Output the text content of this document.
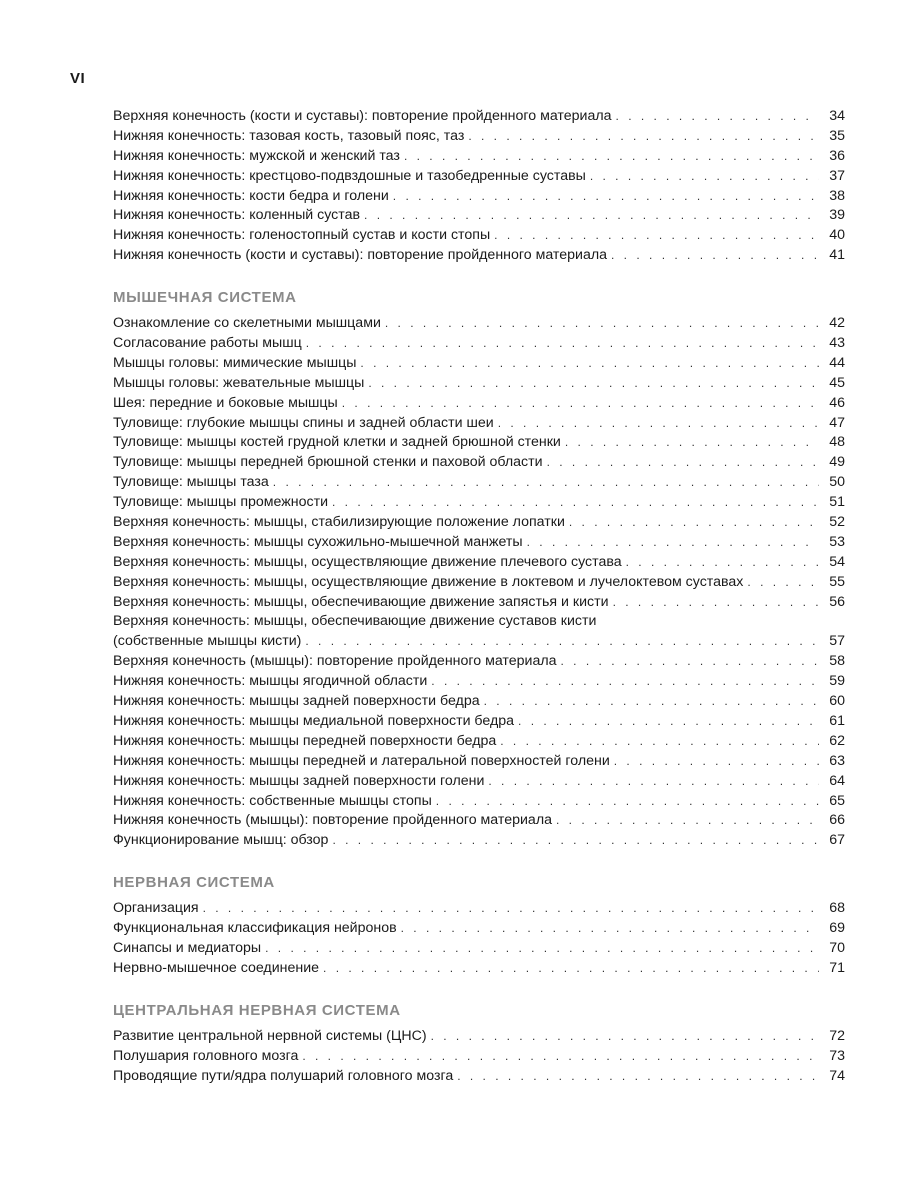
VI
Верхняя конечность (кости и суставы): повторение пройденного материала . . .	34
Нижняя конечность: тазовая кость, тазовый пояс, таз . . .	35
Нижняя конечность: мужской и женский таз . . .	36
Нижняя конечность: крестцово-подвздошные и тазобедренные суставы . . .	37
Нижняя конечность: кости бедра и голени . . .	38
Нижняя конечность: коленный сустав . . .	39
Нижняя конечность: голеностопный сустав и кости стопы . . .	40
Нижняя конечность (кости и суставы): повторение пройденного материала . . .	41
МЫШЕЧНАЯ СИСТЕМА
Ознакомление со скелетными мышцами . . .	42
Согласование работы мышц . . .	43
Мышцы головы: мимические мышцы . . .	44
Мышцы головы: жевательные мышцы . . .	45
Шея: передние и боковые мышцы . . .	46
Туловище: глубокие мышцы спины и задней области шеи . . .	47
Туловище: мышцы костей грудной клетки и задней брюшной стенки . . .	48
Туловище: мышцы передней брюшной стенки и паховой области . . .	49
Туловище: мышцы таза . . .	50
Туловище: мышцы промежности . . .	51
Верхняя конечность: мышцы, стабилизирующие положение лопатки . . .	52
Верхняя конечность: мышцы сухожильно-мышечной манжеты . . .	53
Верхняя конечность: мышцы, осуществляющие движение плечевого сустава . . .	54
Верхняя конечность: мышцы, осуществляющие движение в локтевом и лучелоктевом суставах . . .	55
Верхняя конечность: мышцы, обеспечивающие движение запястья и кисти . . .	56
Верхняя конечность: мышцы, обеспечивающие движение суставов кисти
(собственные мышцы кисти) . . .	57
Верхняя конечность (мышцы): повторение пройденного материала . . .	58
Нижняя конечность: мышцы ягодичной области . . .	59
Нижняя конечность: мышцы задней поверхности бедра . . .	60
Нижняя конечность: мышцы медиальной поверхности бедра . . .	61
Нижняя конечность: мышцы передней поверхности бедра . . .	62
Нижняя конечность: мышцы передней и латеральной поверхностей голени . . .	63
Нижняя конечность: мышцы задней поверхности голени . . .	64
Нижняя конечность: собственные мышцы стопы . . .	65
Нижняя конечность (мышцы): повторение пройденного материала . . .	66
Функционирование мышц: обзор . . .	67
НЕРВНАЯ СИСТЕМА
Организация . . .	68
Функциональная классификация нейронов . . .	69
Синапсы и медиаторы . . .	70
Нервно-мышечное соединение . . .	71
ЦЕНТРАЛЬНАЯ НЕРВНАЯ СИСТЕМА
Развитие центральной нервной системы (ЦНС) . . .	72
Полушария головного мозга . . .	73
Проводящие пути/ядра полушарий головного мозга . . .	74
